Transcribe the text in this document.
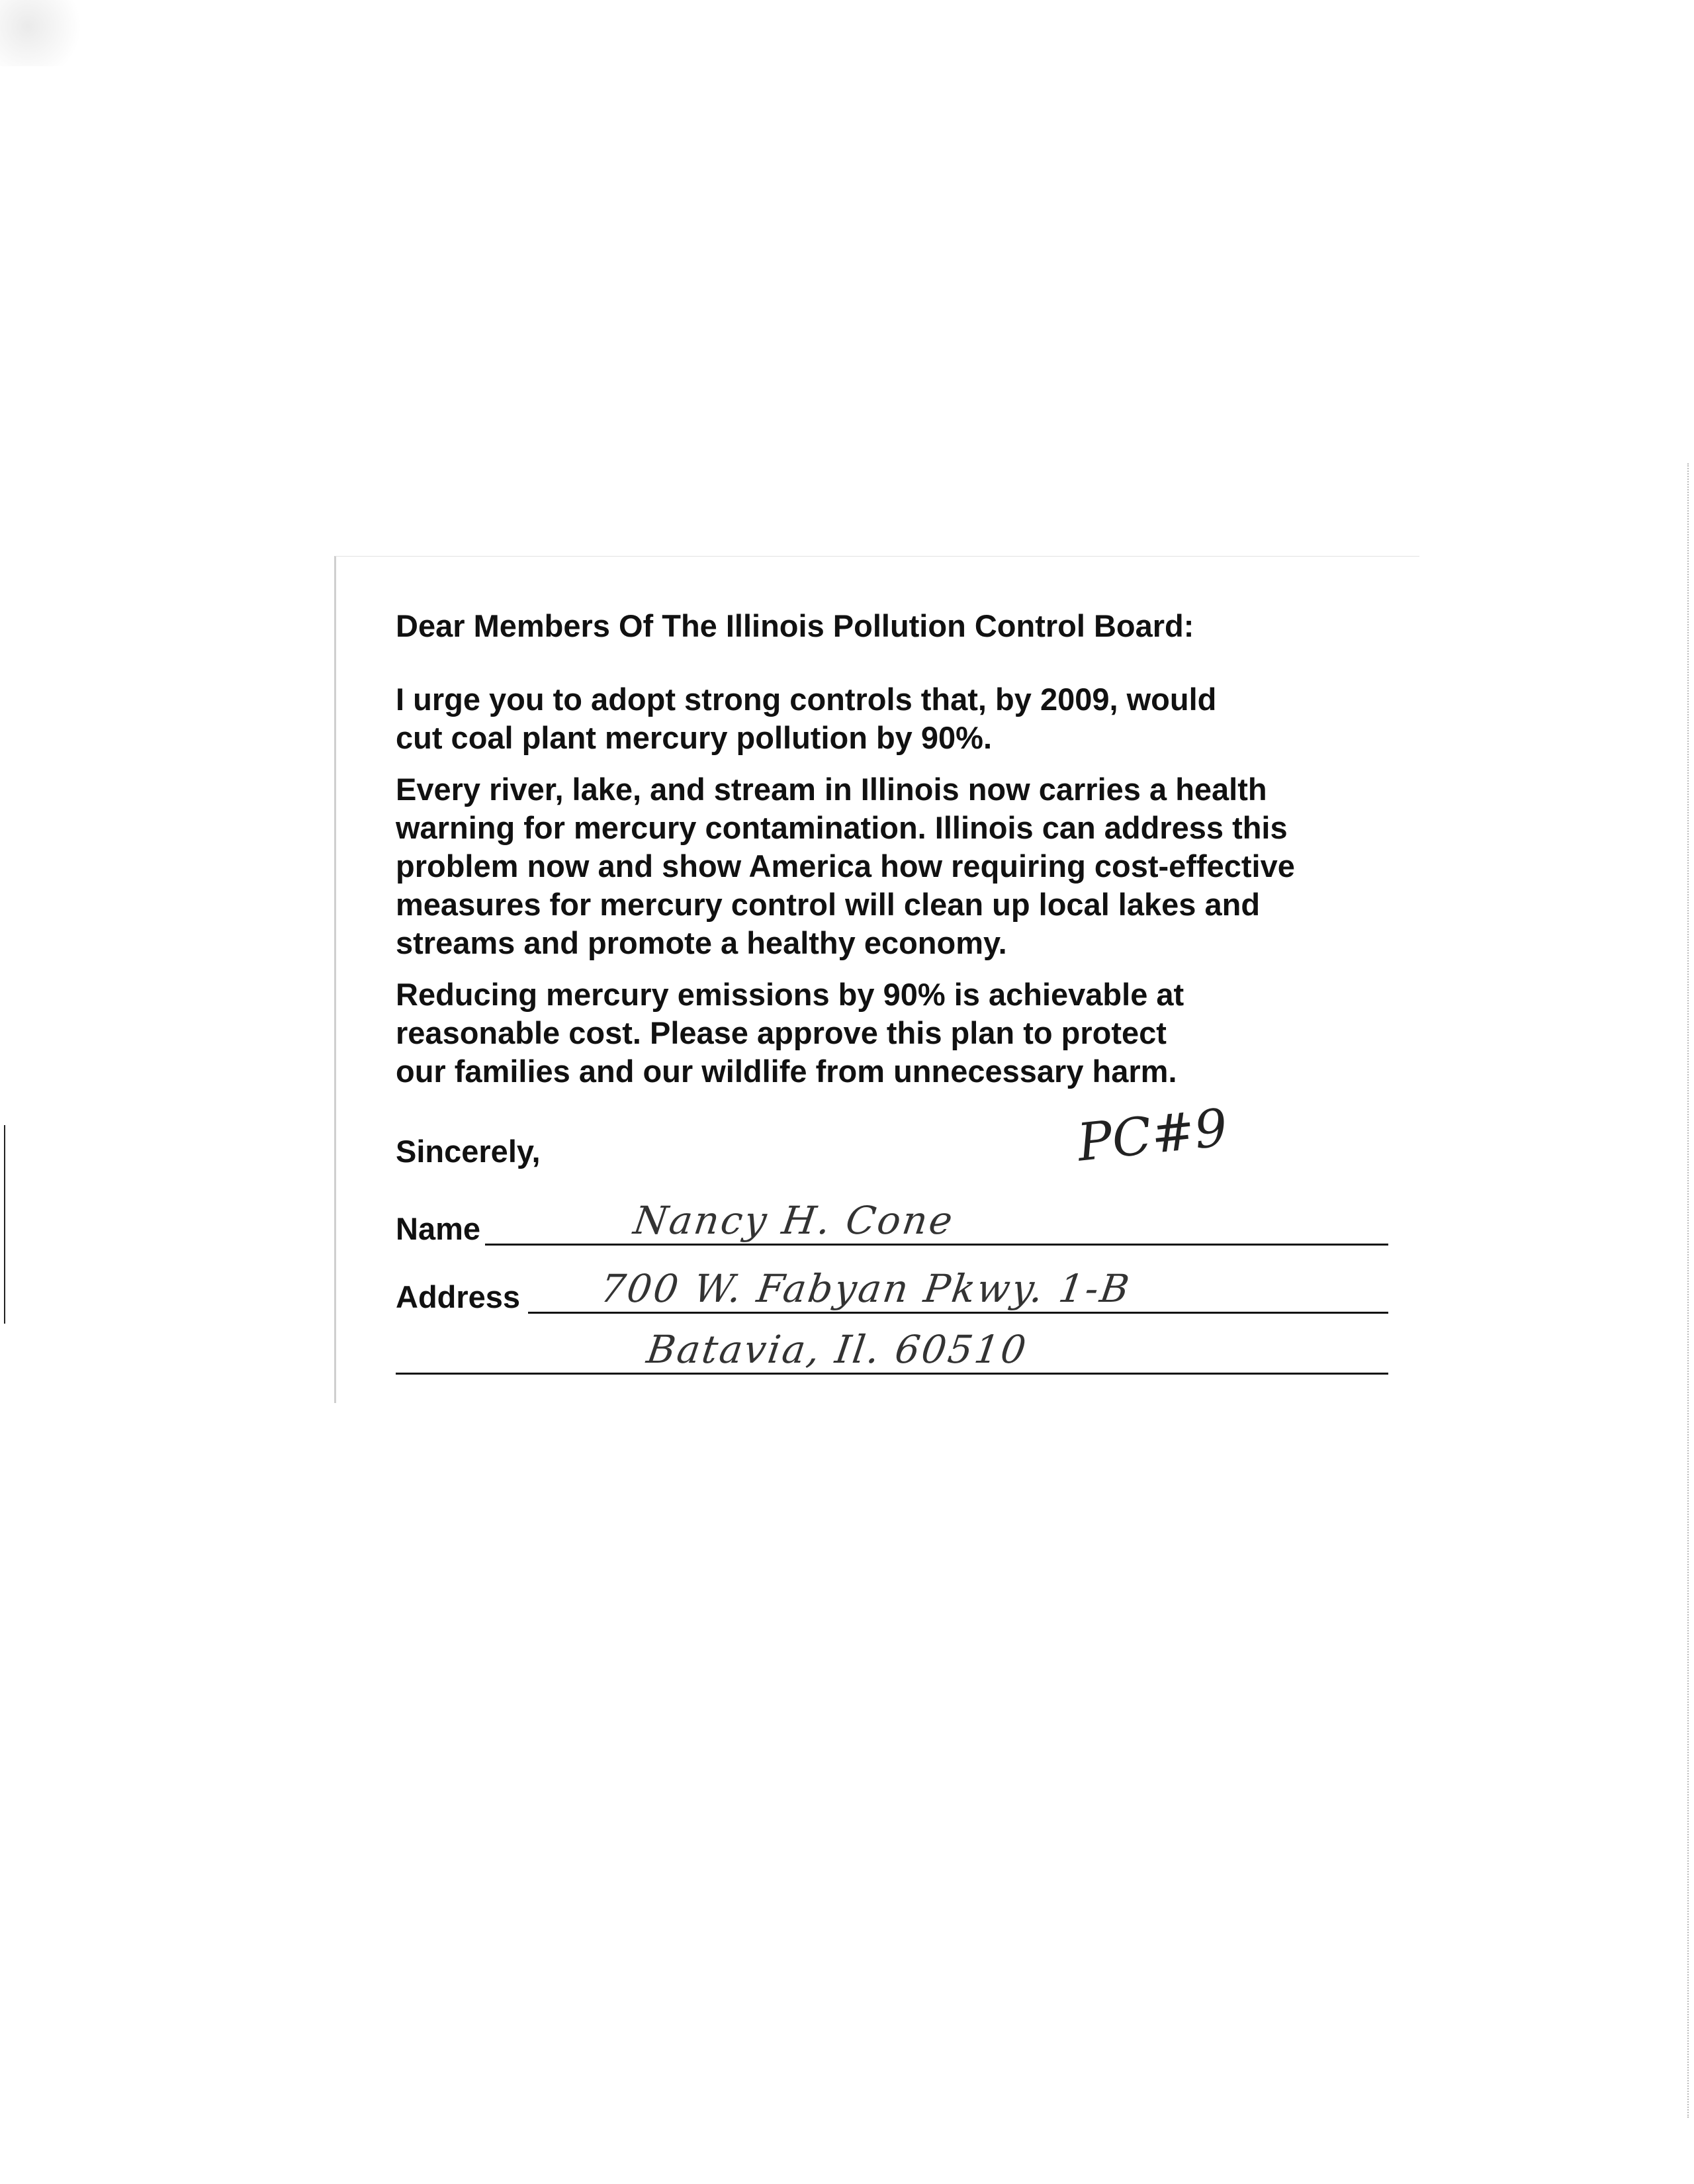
Dear Members Of The Illinois Pollution Control Board:

I urge you to adopt strong controls that, by 2009, would
cut coal plant mercury pollution by 90%.

Every river, lake, and stream in Illinois now carries a health
warning for mercury contamination. Illinois can address this
problem now and show America how requiring cost-effective
measures for mercury control will clean up local lakes and
streams and promote a healthy economy.

Reducing mercury emissions by 90% is achievable at
reasonable cost. Please approve this plan to protect
our families and our wildlife from unnecessary harm.

PC#9
Sincerely,
Name	Nancy H. Cone
Address 700 W. Fabyan Pkwy. 1-B
Batavia, Il. 60510
